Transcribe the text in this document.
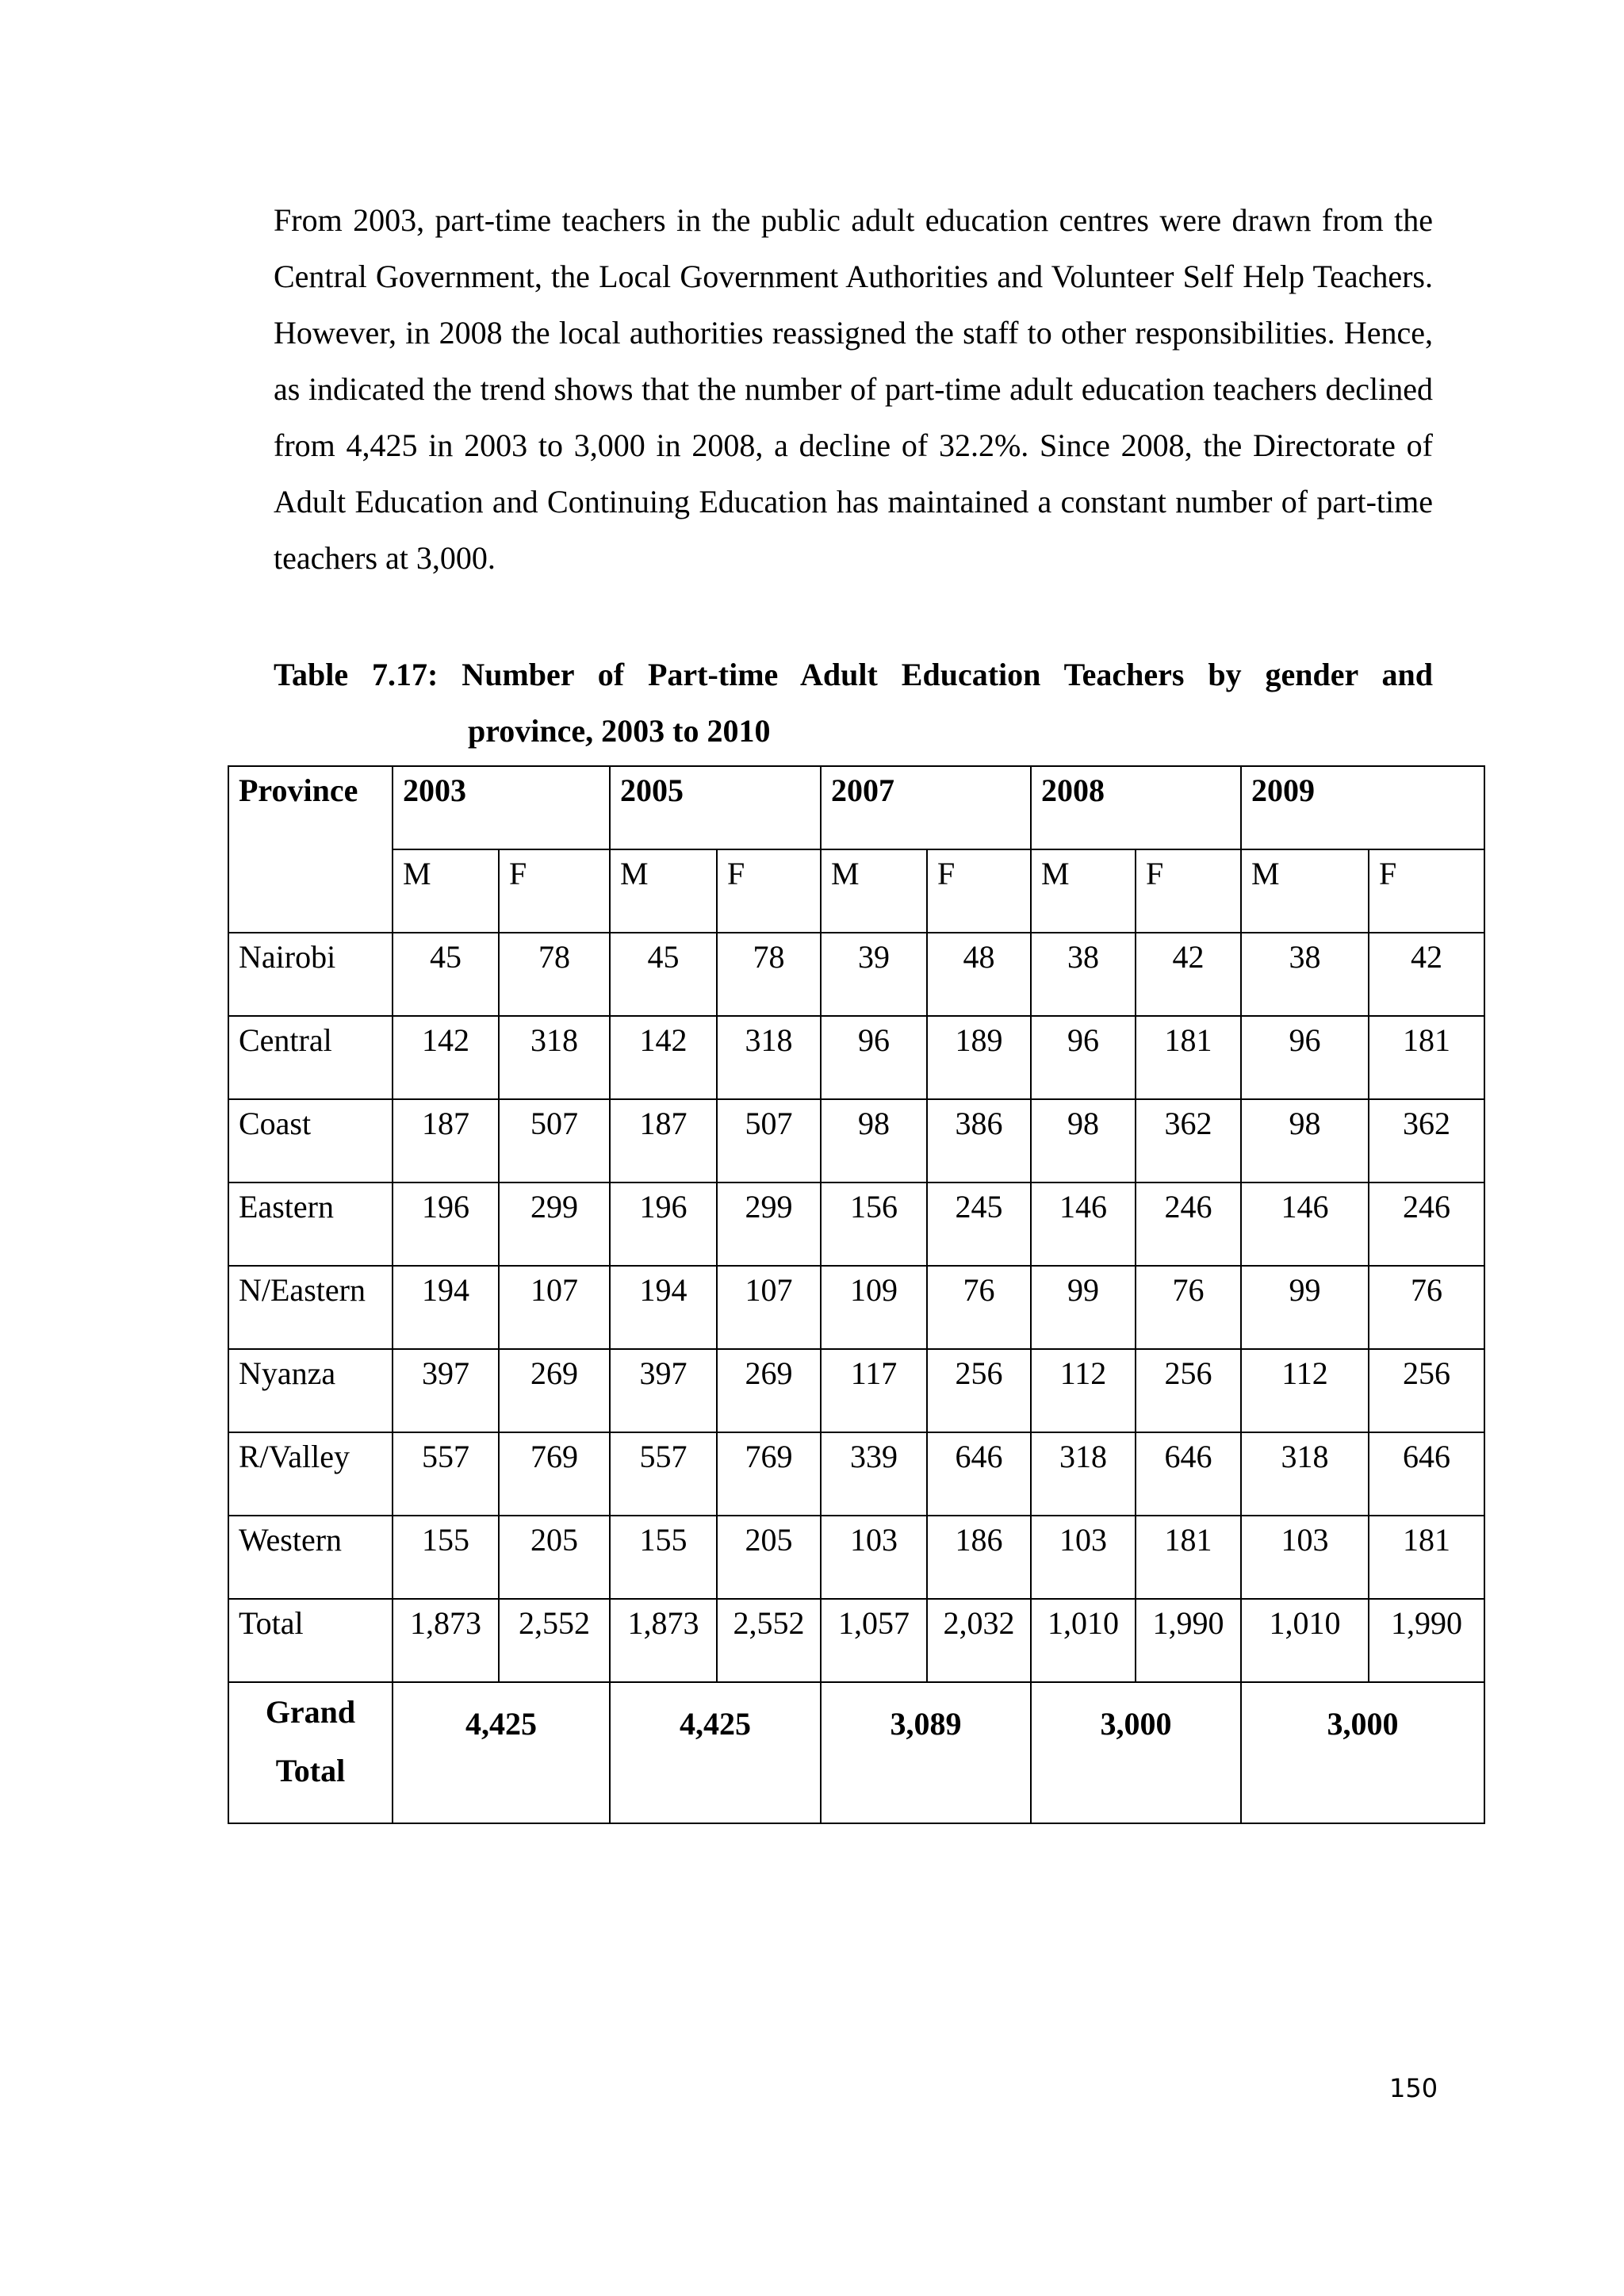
From 2003, part-time teachers in the public adult education centres were drawn from the Central Government, the Local Government Authorities and Volunteer Self Help Teachers. However, in 2008 the local authorities reassigned the staff to other responsibilities. Hence, as indicated the trend shows that the number of part-time adult education teachers declined from 4,425 in 2003 to 3,000 in 2008, a decline of 32.2%. Since 2008, the Directorate of Adult Education and Continuing Education has maintained a constant number of part-time teachers at 3,000.

Table 7.17: Number of Part-time Adult Education Teachers by gender and
province, 2003 to 2010
Province	2003		2005		2007		2008		2009	
	M	F	M	F	M	F	M	F	M	F
Nairobi	45	78	45	78	39	48	38	42	38	42
Central	142	318	142	318	96	189	96	181	96	181
Coast	187	507	187	507	98	386	98	362	98	362
Eastern	196	299	196	299	156	245	146	246	146	246
N/Eastern	194	107	194	107	109	76	99	76	99	76
Nyanza	397	269	397	269	117	256	112	256	112	256
R/Valley	557	769	557	769	339	646	318	646	318	646
Western	155	205	155	205	103	186	103	181	103	181
Total	1,873	2,552	1,873	2,552	1,057	2,032	1,010	1,990	1,010	1,990

Grand
Total	4,425		4,425		3,089		3,000		3,000	
150
